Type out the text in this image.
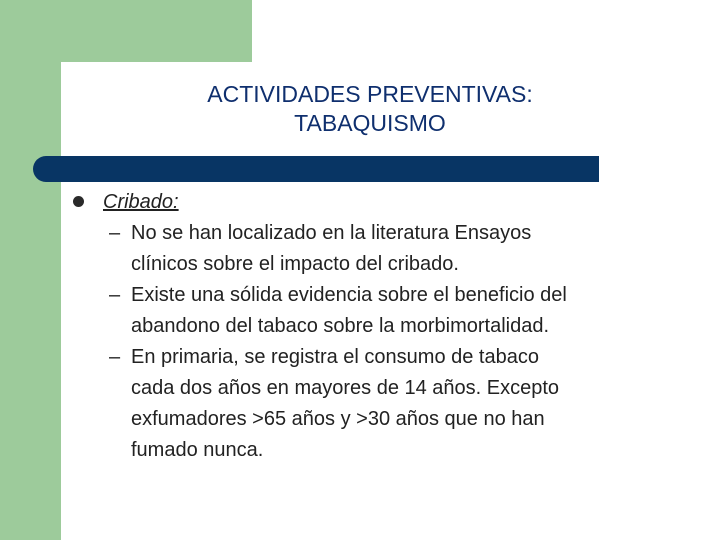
ACTIVIDADES PREVENTIVAS:
TABAQUISMO
Cribado:
– No se han localizado en la literatura Ensayos
clínicos sobre el impacto del cribado.
– Existe una sólida evidencia sobre el beneficio del
abandono del tabaco sobre la morbimortalidad.
– En primaria, se registra el consumo de tabaco
cada dos años en mayores de 14 años. Excepto
exfumadores >65 años y >30 años que no han
fumado nunca.
